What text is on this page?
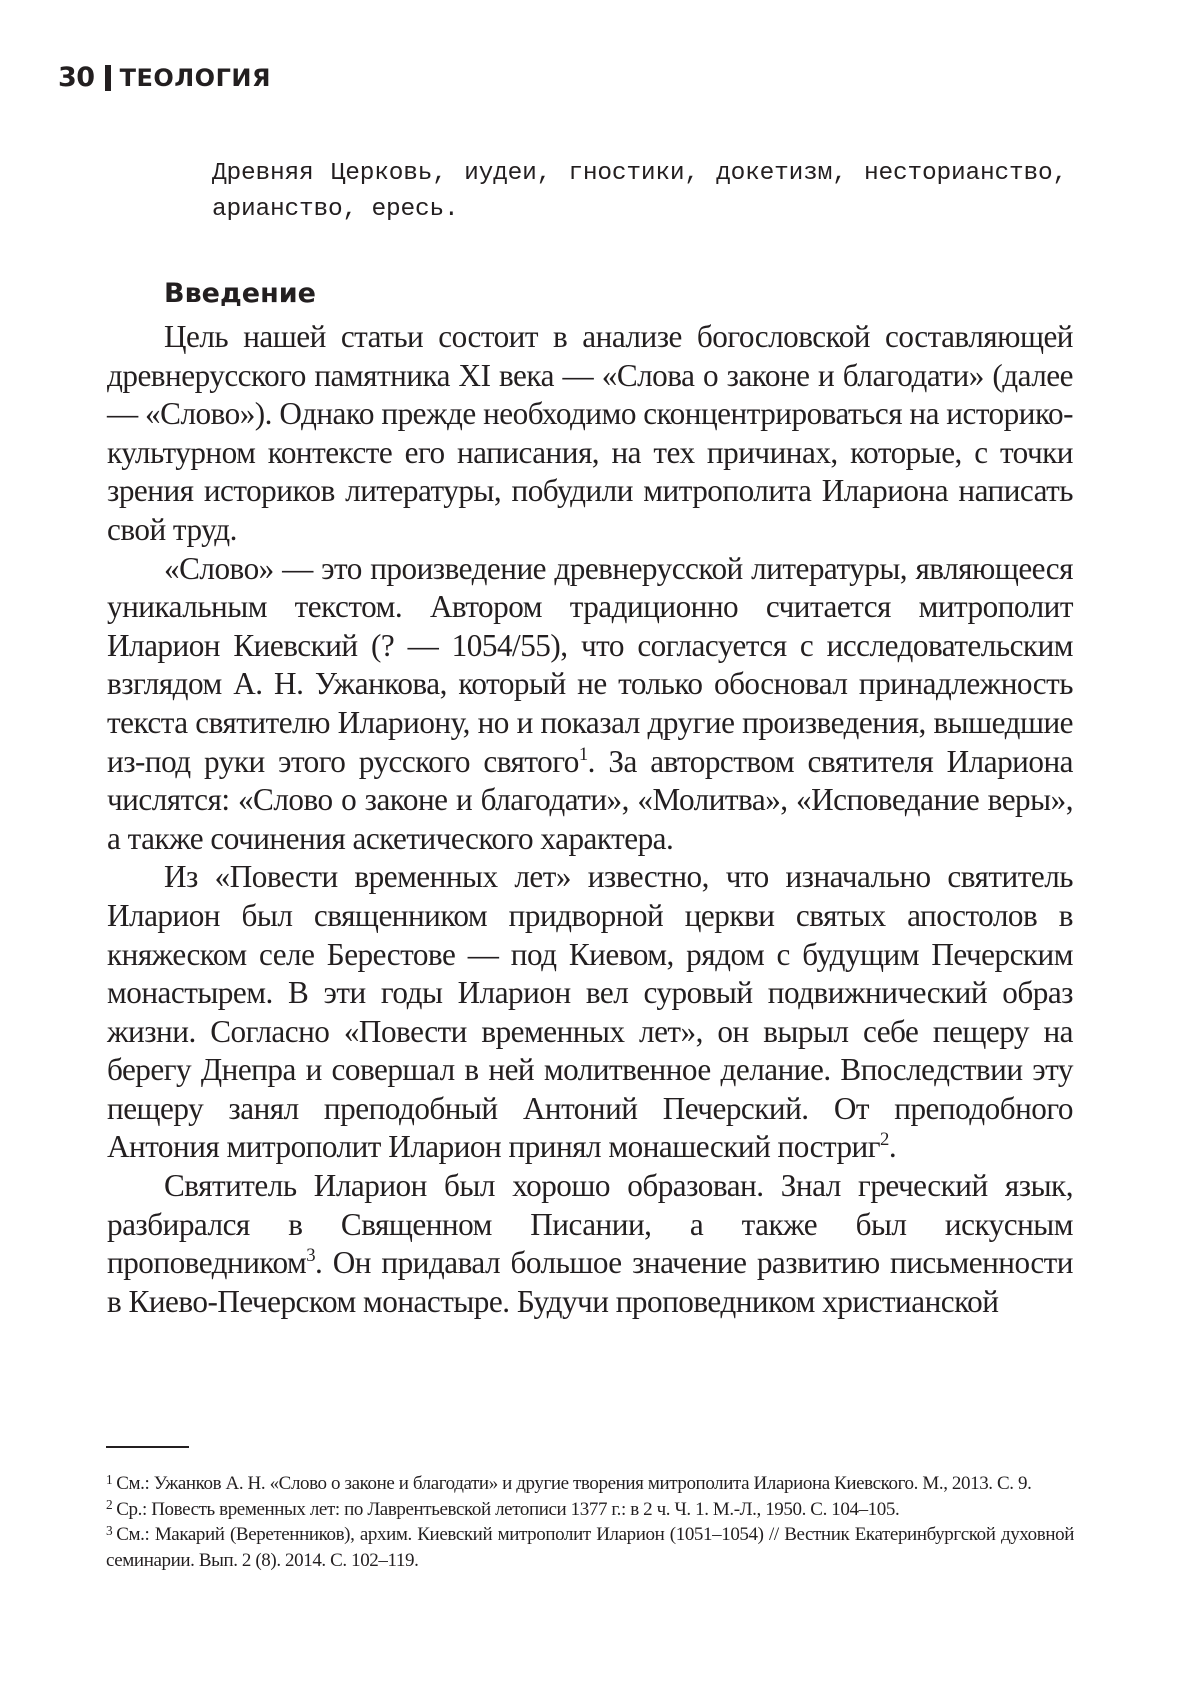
30 ТЕОЛОГИЯ
Древняя Церковь, иудеи, гностики, докетизм, несторианство, арианство, ересь.
Введение

Цель нашей статьи состоит в анализе богословской составляющей древнерусского памятника XI века — «Слова о законе и благодати» (далее — «Слово»). Однако прежде необходимо сконцентрироваться на историко-культурном контексте его написания, на тех причинах, которые, с точки зрения историков литературы, побудили митрополита Илариона написать свой труд.

«Слово» — это произведение древнерусской литературы, являющееся уникальным текстом. Автором традиционно считается митрополит Иларион Киевский (? — 1054/55), что согласуется с исследовательским взглядом А. Н. Ужанкова, который не только обосновал принадлежность текста святителю Илариону, но и показал другие произведения, вышедшие из-под руки этого русского святого$^1$. За авторством святителя Илариона числятся: «Слово о законе и благодати», «Молитва», «Исповедание веры», а также сочинения аскетического характера.

Из «Повести временных лет» известно, что изначально святитель Иларион был священником придворной церкви святых апостолов в княжеском селе Берестове — под Киевом, рядом с будущим Печерским монастырем. В эти годы Иларион вел суровый подвижнический образ жизни. Согласно «Повести временных лет», он вырыл себе пещеру на берегу Днепра и совершал в ней молитвенное делание. Впоследствии эту пещеру занял преподобный Антоний Печерский. От преподобного Антония митрополит Иларион принял монашеский постриг$^2$.

Святитель Иларион был хорошо образован. Знал греческий язык, разбирался в Священном Писании, а также был искусным проповедником$^3$. Он придавал большое значение развитию письменности в Киево-Печерском монастыре. Будучи проповедником христианской

$^1$ См.: Ужанков А. Н. «Слово о законе и благодати» и другие творения митрополита Илариона Киевского. М., 2013. С. 9.

$^2$ Ср.: Повесть временных лет: по Лаврентьевской летописи 1377 г.: в 2 ч. Ч. 1. М.-Л., 1950. С. 104–105.

$^3$ См.: Макарий (Веретенников), архим. Киевский митрополит Иларион (1051–1054) // Вестник Екатеринбургской духовной семинарии. Вып. 2 (8). 2014. С. 102–119.
